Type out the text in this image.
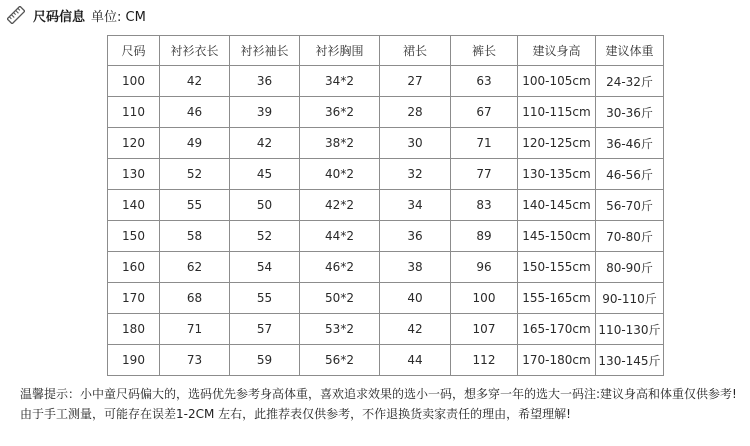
尺码信息 单位: CM
尺码	衬衫衣长	衬衫袖长	衬衫胸围	裙长	裤长	建议身高	建议体重
100	42	36	34*2	27	63	100-105cm	24-32斤
110	46	39	36*2	28	67	110-115cm	30-36斤
120	49	42	38*2	30	71	120-125cm	36-46斤
130	52	45	40*2	32	77	130-135cm	46-56斤
140	55	50	42*2	34	83	140-145cm	56-70斤
150	58	52	44*2	36	89	145-150cm	70-80斤
160	62	54	46*2	38	96	150-155cm	80-90斤
170	68	55	50*2	40	100	155-165cm	90-110斤
180	71	57	53*2	42	107	165-170cm	110-130斤
190	73	59	56*2	44	112	170-180cm	130-145斤
温馨提示：小中童尺码偏大的，选码优先参考身高体重，喜欢追求效果的选小一码，想多穿一年的选大一码注:建议身高和体重仅供参考!由于手工测量，可能存在误差1-2CM 左右，此推荐表仅供参考，不作退换货卖家责任的理由，希望理解!
